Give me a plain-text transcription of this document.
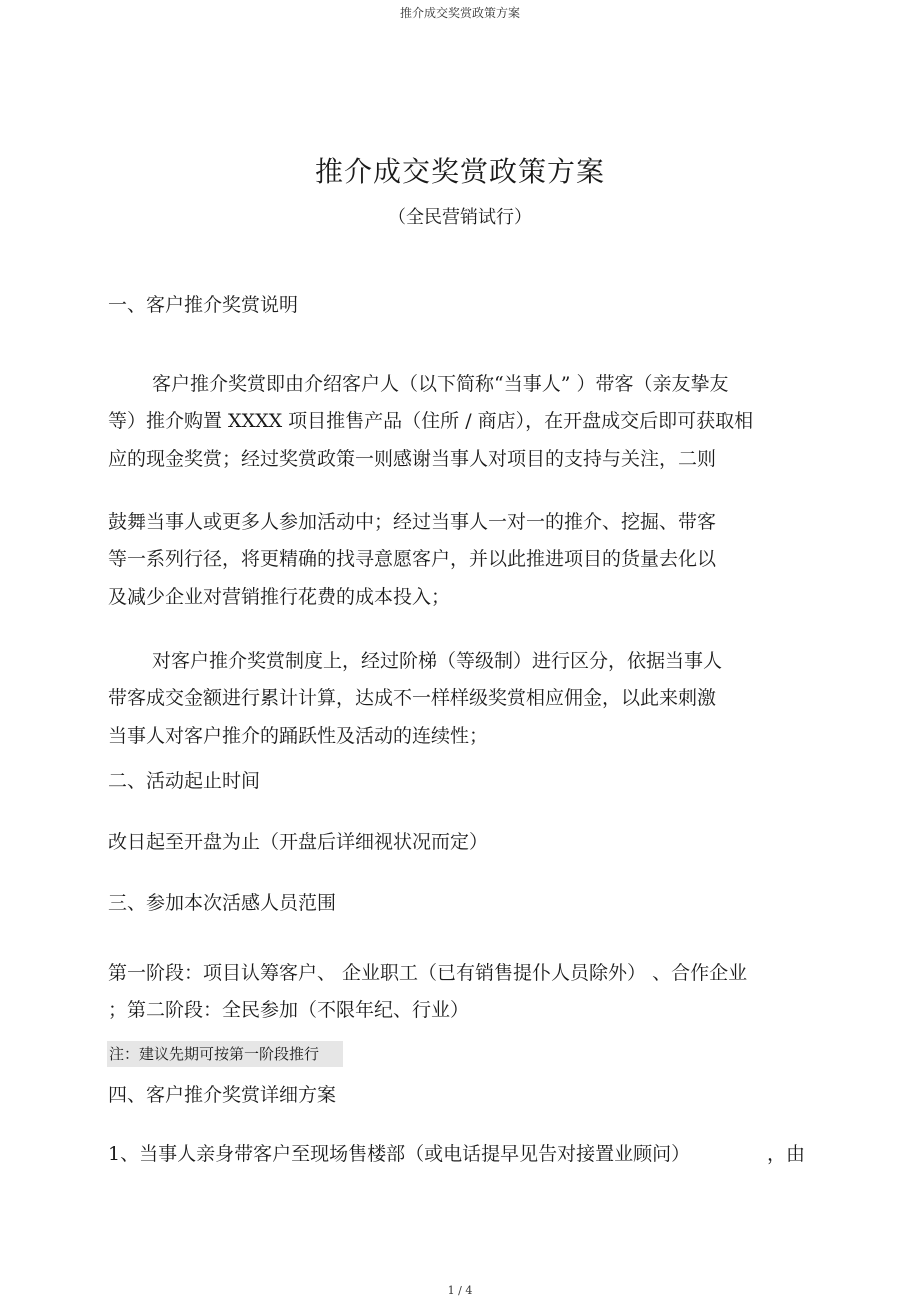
推介成交奖赏政策方案
推介成交奖赏政策方案
（全民营销试行）
一、客户推介奖赏说明
客户推介奖赏即由介绍客户人（以下简称“当事人” ）带客（亲友挚友
等）推介购置 XXXX 项目推售产品（住所 / 商店），在开盘成交后即可获取相
应的现金奖赏；经过奖赏政策一则感谢当事人对项目的支持与关注，二则
鼓舞当事人或更多人参加活动中；经过当事人一对一的推介、挖掘、带客
等一系列行径，将更精确的找寻意愿客户，并以此推进项目的货量去化以
及减少企业对营销推行花费的成本投入；
对客户推介奖赏制度上，经过阶梯（等级制）进行区分，依据当事人
带客成交金额进行累计计算，达成不一样样级奖赏相应佣金，以此来刺激
当事人对客户推介的踊跃性及活动的连续性；
二、活动起止时间
改日起至开盘为止（开盘后详细视状况而定）
三、参加本次活感人员范围
第一阶段：项目认筹客户、 企业职工（已有销售提仆人员除外） 、合作企业
；第二阶段：全民参加（不限年纪、行业）
注：建议先期可按第一阶段推行
四、客户推介奖赏详细方案
1、当事人亲身带客户至现场售楼部（或电话提早见告对接置业顾问）	，由
1 / 4
